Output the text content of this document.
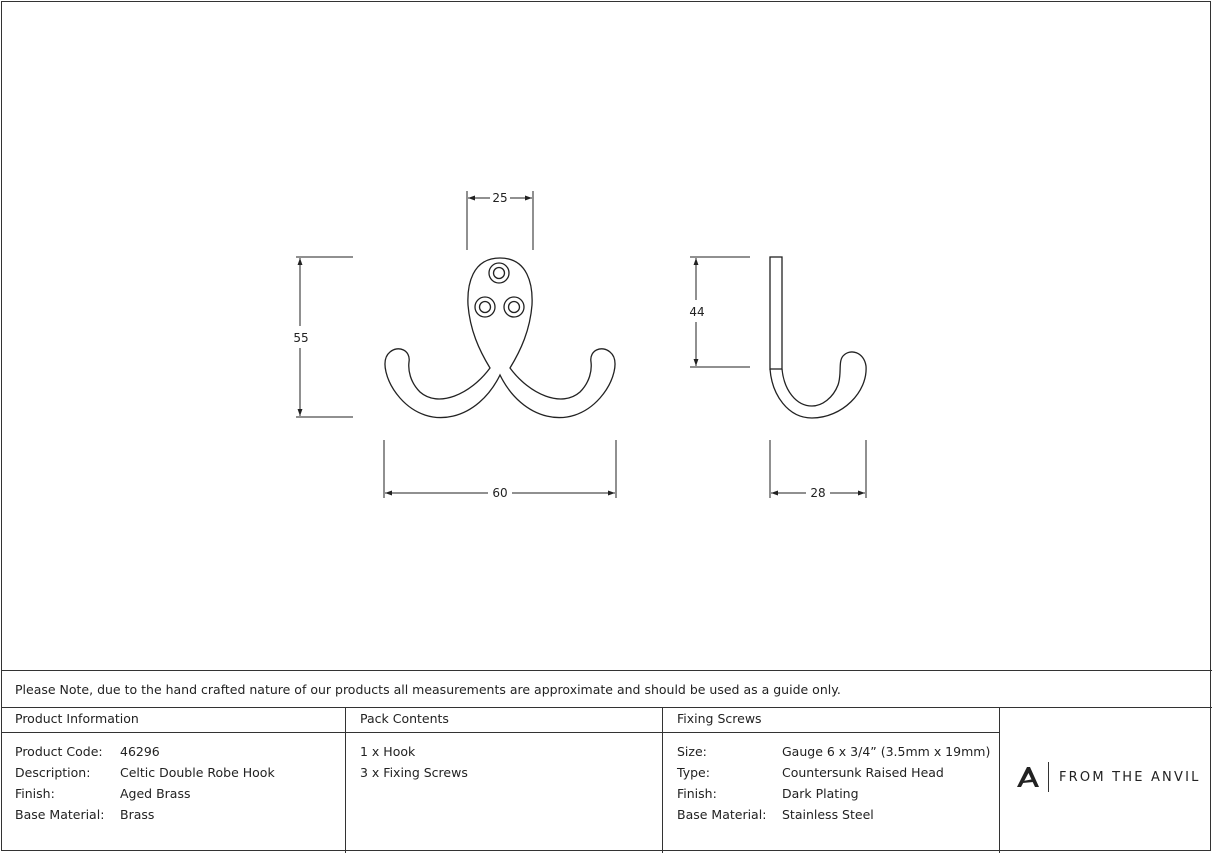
25
55
60
44
28
Please Note, due to the hand crafted nature of our products all measurements are approximate and should be used as a guide only.
Product Information
Product Code: 46296
Description: Celtic Double Robe Hook
Finish:	Aged Brass
Base Material: Brass
Pack Contents
1 x Hook
3 x Fixing Screws
Fixing Screws
Size:	Gauge 6 x 3/4” (3.5mm x 19mm)
Type:	Countersunk Raised Head
Finish:	Dark Plating
Base Material: Stainless Steel
FROM THE ANVIL
